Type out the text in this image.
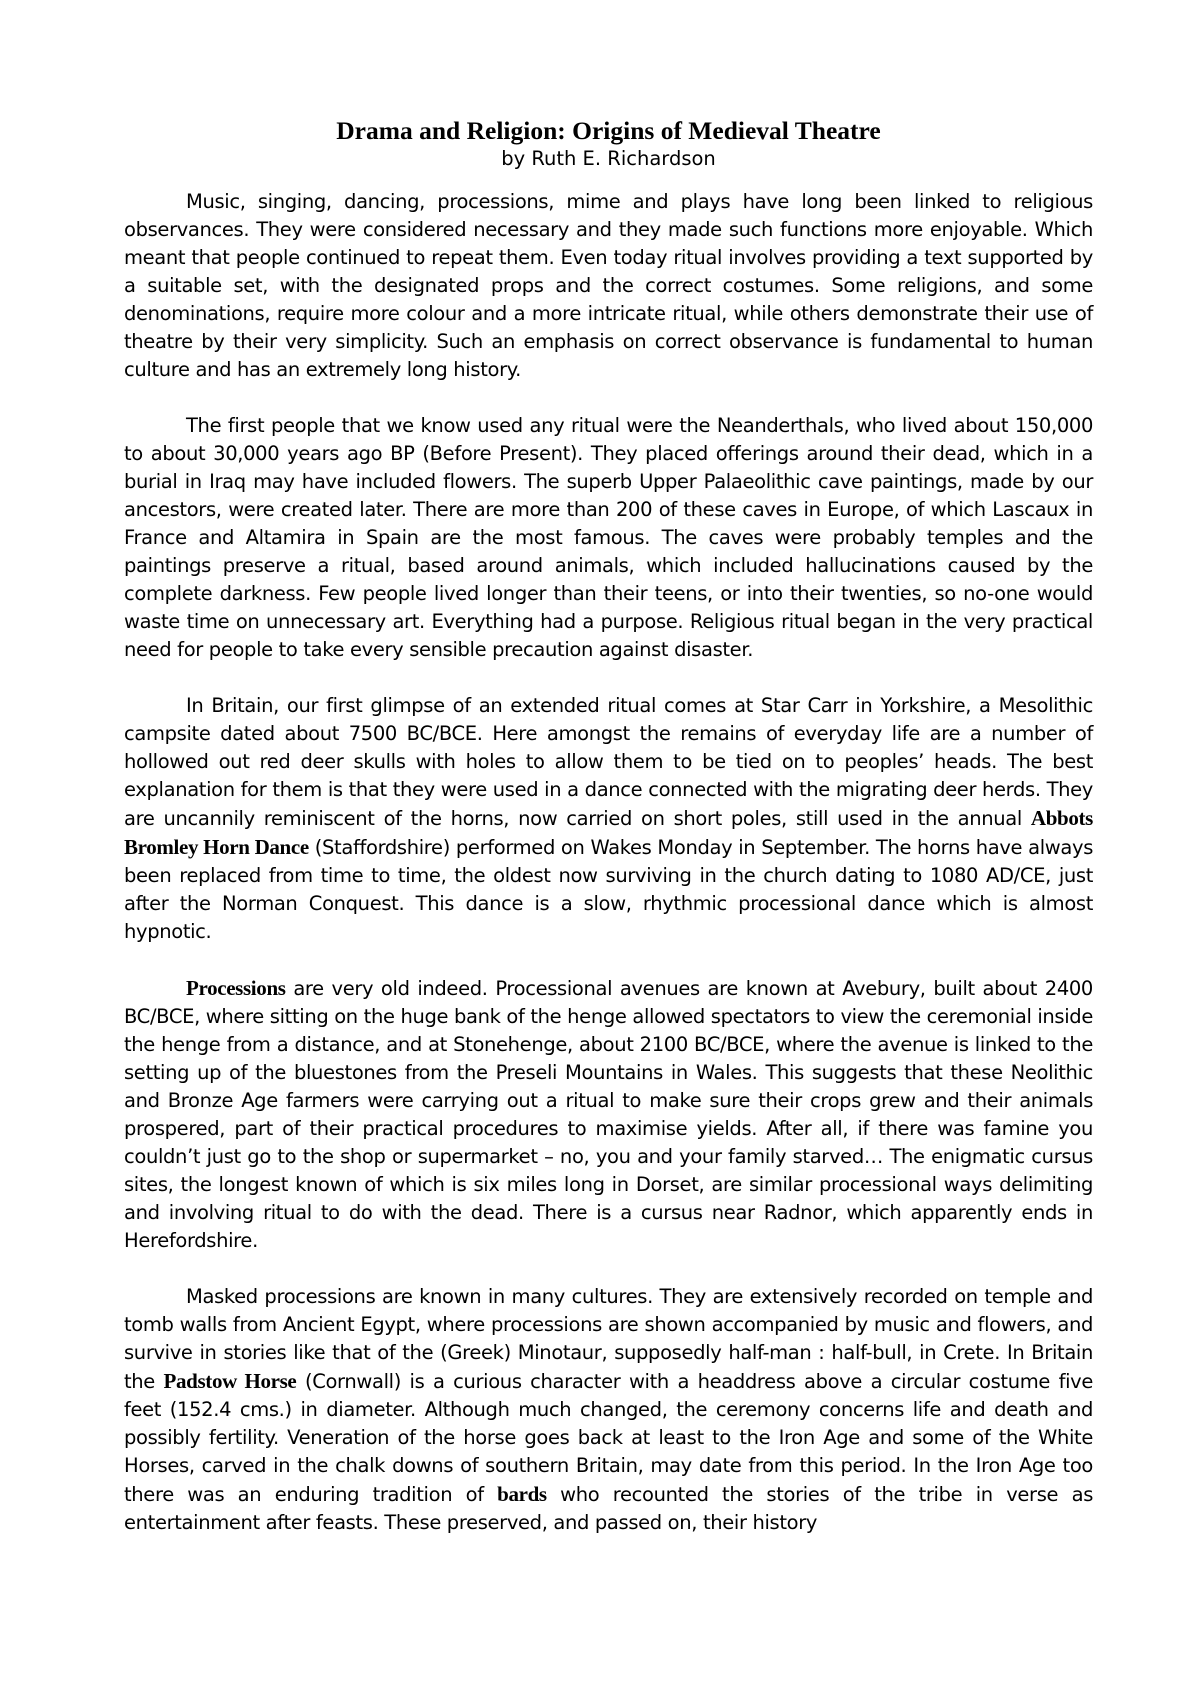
Drama and Religion: Origins of Medieval Theatre

by Ruth E. Richardson

Music, singing, dancing, processions, mime and plays have long been linked to religious observances. They were considered necessary and they made such functions more enjoyable. Which meant that people continued to repeat them. Even today ritual involves providing a text supported by a suitable set, with the designated props and the correct costumes. Some religions, and some denominations, require more colour and a more intricate ritual, while others demonstrate their use of theatre by their very simplicity. Such an emphasis on correct observance is fundamental to human culture and has an extremely long history.

The first people that we know used any ritual were the Neanderthals, who lived about 150,000 to about 30,000 years ago BP (Before Present). They placed offerings around their dead, which in a burial in Iraq may have included flowers. The superb Upper Palaeolithic cave paintings, made by our ancestors, were created later. There are more than 200 of these caves in Europe, of which Lascaux in France and Altamira in Spain are the most famous. The caves were probably temples and the paintings preserve a ritual, based around animals, which included hallucinations caused by the complete darkness. Few people lived longer than their teens, or into their twenties, so no-one would waste time on unnecessary art. Everything had a purpose. Religious ritual began in the very practical need for people to take every sensible precaution against disaster.

In Britain, our first glimpse of an extended ritual comes at Star Carr in Yorkshire, a Mesolithic campsite dated about 7500 BC/BCE. Here amongst the remains of everyday life are a number of hollowed out red deer skulls with holes to allow them to be tied on to peoples’ heads. The best explanation for them is that they were used in a dance connected with the migrating deer herds. They are uncannily reminiscent of the horns, now carried on short poles, still used in the annual Abbots Bromley Horn Dance (Staffordshire) performed on Wakes Monday in September. The horns have always been replaced from time to time, the oldest now surviving in the church dating to 1080 AD/CE, just after the Norman Conquest. This dance is a slow, rhythmic processional dance which is almost hypnotic.

Processions are very old indeed. Processional avenues are known at Avebury, built about 2400 BC/BCE, where sitting on the huge bank of the henge allowed spectators to view the ceremonial inside the henge from a distance, and at Stonehenge, about 2100 BC/BCE, where the avenue is linked to the setting up of the bluestones from the Preseli Mountains in Wales. This suggests that these Neolithic and Bronze Age farmers were carrying out a ritual to make sure their crops grew and their animals prospered, part of their practical procedures to maximise yields. After all, if there was famine you couldn’t just go to the shop or supermarket – no, you and your family starved… The enigmatic cursus sites, the longest known of which is six miles long in Dorset, are similar processional ways delimiting and involving ritual to do with the dead. There is a cursus near Radnor, which apparently ends in Herefordshire.

Masked processions are known in many cultures. They are extensively recorded on temple and tomb walls from Ancient Egypt, where processions are shown accompanied by music and flowers, and survive in stories like that of the (Greek) Minotaur, supposedly half-man : half-bull, in Crete. In Britain the Padstow Horse (Cornwall) is a curious character with a headdress above a circular costume five feet (152.4 cms.) in diameter. Although much changed, the ceremony concerns life and death and possibly fertility. Veneration of the horse goes back at least to the Iron Age and some of the White Horses, carved in the chalk downs of southern Britain, may date from this period. In the Iron Age too there was an enduring tradition of bards who recounted the stories of the tribe in verse as entertainment after feasts. These preserved, and passed on, their history
